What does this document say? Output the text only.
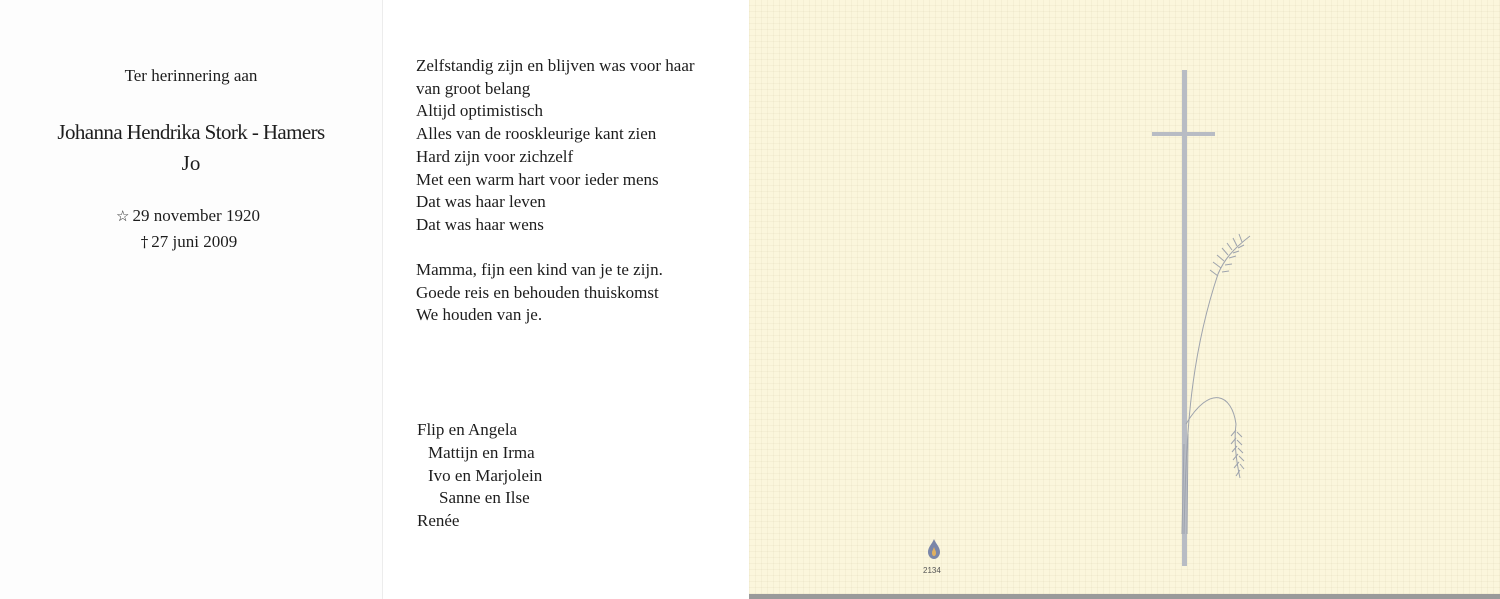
Ter herinnering aan
Johanna Hendrika Stork - Hamers
Jo
☆ 29 november 1920
† 27 juni 2009
Zelfstandig zijn en blijven was voor haar
van groot belang
Altijd optimistisch
Alles van de rooskleurige kant zien
Hard zijn voor zichzelf
Met een warm hart voor ieder mens
Dat was haar leven
Dat was haar wens
Mamma, fijn een kind van je te zijn.
Goede reis en behouden thuiskomst
We houden van je.
Flip en Angela
Mattijn en Irma
Ivo en Marjolein
Sanne en Ilse
Renée
2134
